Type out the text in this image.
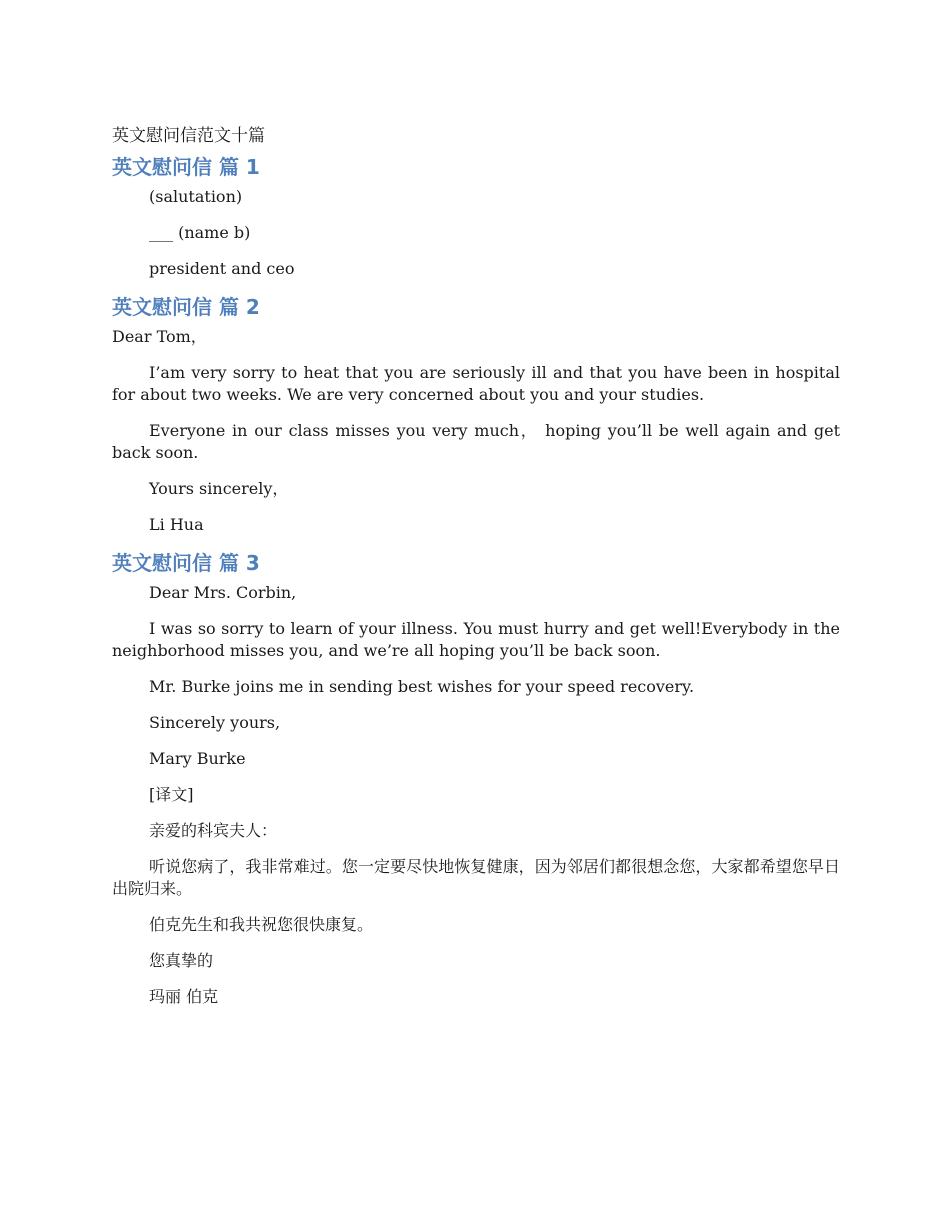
英文慰问信范文十篇
英文慰问信 篇 1

(salutation)

___ (name b)

president and ceo

英文慰问信 篇 2

Dear Tom，

I’am very sorry to heat that you are seriously ill and that you have been in hospital for about two weeks. We are very concerned about you and your studies.

Everyone in our class misses you very much， hoping you’ll be well again and get back soon.

Yours sincerely，

Li Hua

英文慰问信 篇 3

Dear Mrs. Corbin,

I was so sorry to learn of your illness. You must hurry and get well!Everybody in the neighborhood misses you, and we’re all hoping you’ll be back soon.

Mr. Burke joins me in sending best wishes for your speed recovery.

Sincerely yours,

Mary Burke

[译文]

亲爱的科宾夫人：

听说您病了，我非常难过。您一定要尽快地恢复健康，因为邻居们都很想念您，大家都希望您早日出院归来。

伯克先生和我共祝您很快康复。

您真挚的

玛丽 伯克
